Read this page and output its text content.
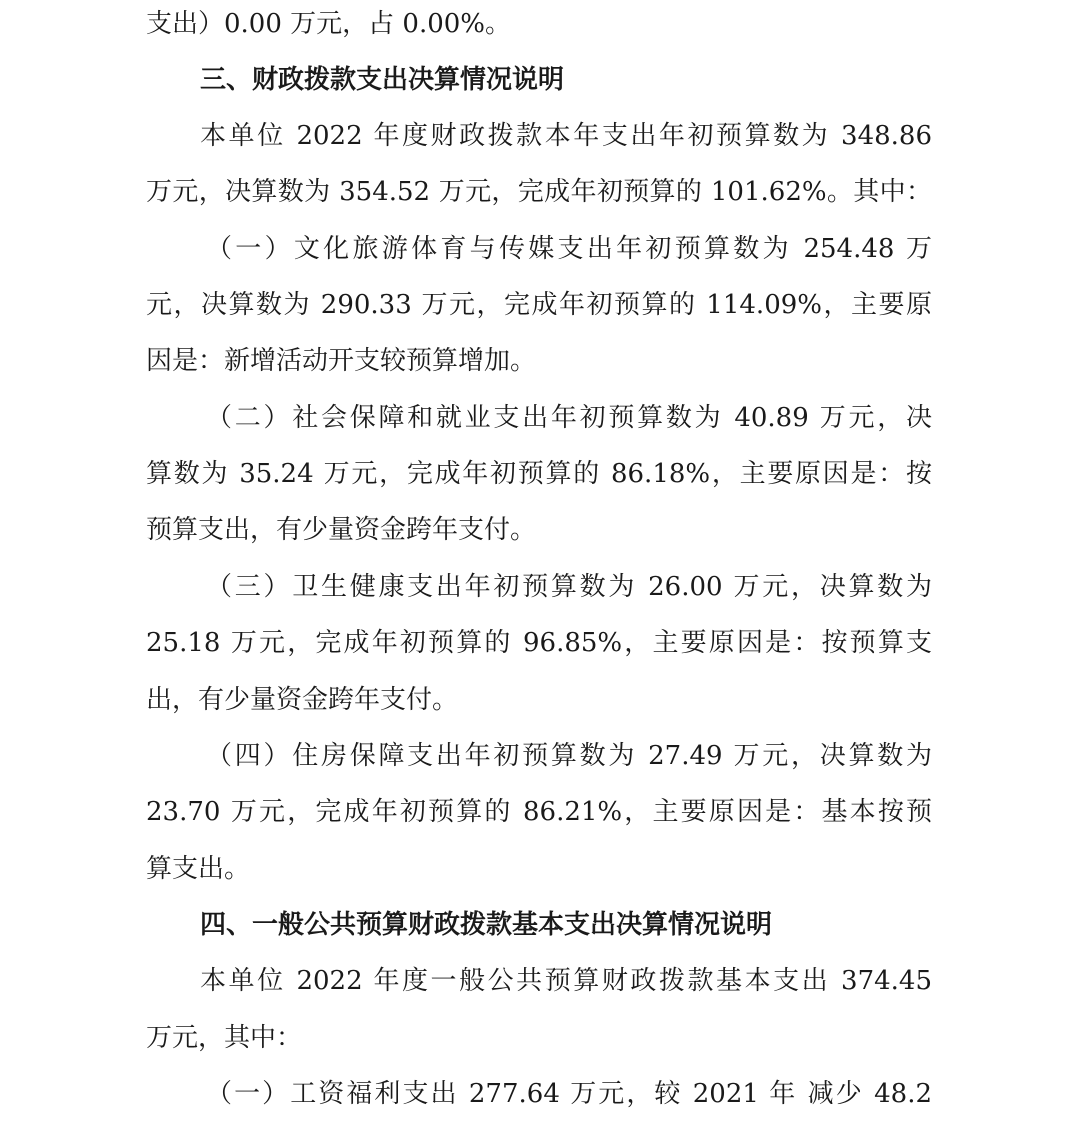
支出）0.00 万元，占 0.00%。
三、财政拨款支出决算情况说明
本单位 2022 年度财政拨款本年支出年初预算数为 348.86
万元，决算数为 354.52 万元，完成年初预算的 101.62%。其中：
（一）文化旅游体育与传媒支出年初预算数为 254.48 万
元，决算数为 290.33 万元，完成年初预算的 114.09%，主要原
因是：新增活动开支较预算增加。
（二）社会保障和就业支出年初预算数为 40.89 万元，决
算数为 35.24 万元，完成年初预算的 86.18%，主要原因是：按
预算支出，有少量资金跨年支付。
（三）卫生健康支出年初预算数为 26.00 万元，决算数为
25.18 万元，完成年初预算的 96.85%，主要原因是：按预算支
出，有少量资金跨年支付。
（四）住房保障支出年初预算数为 27.49 万元，决算数为
23.70 万元，完成年初预算的 86.21%，主要原因是：基本按预
算支出。
四、一般公共预算财政拨款基本支出决算情况说明
本单位 2022 年度一般公共预算财政拨款基本支出 374.45
万元，其中：
（一）工资福利支出 277.64 万元，较 2021 年 减少 48.2
